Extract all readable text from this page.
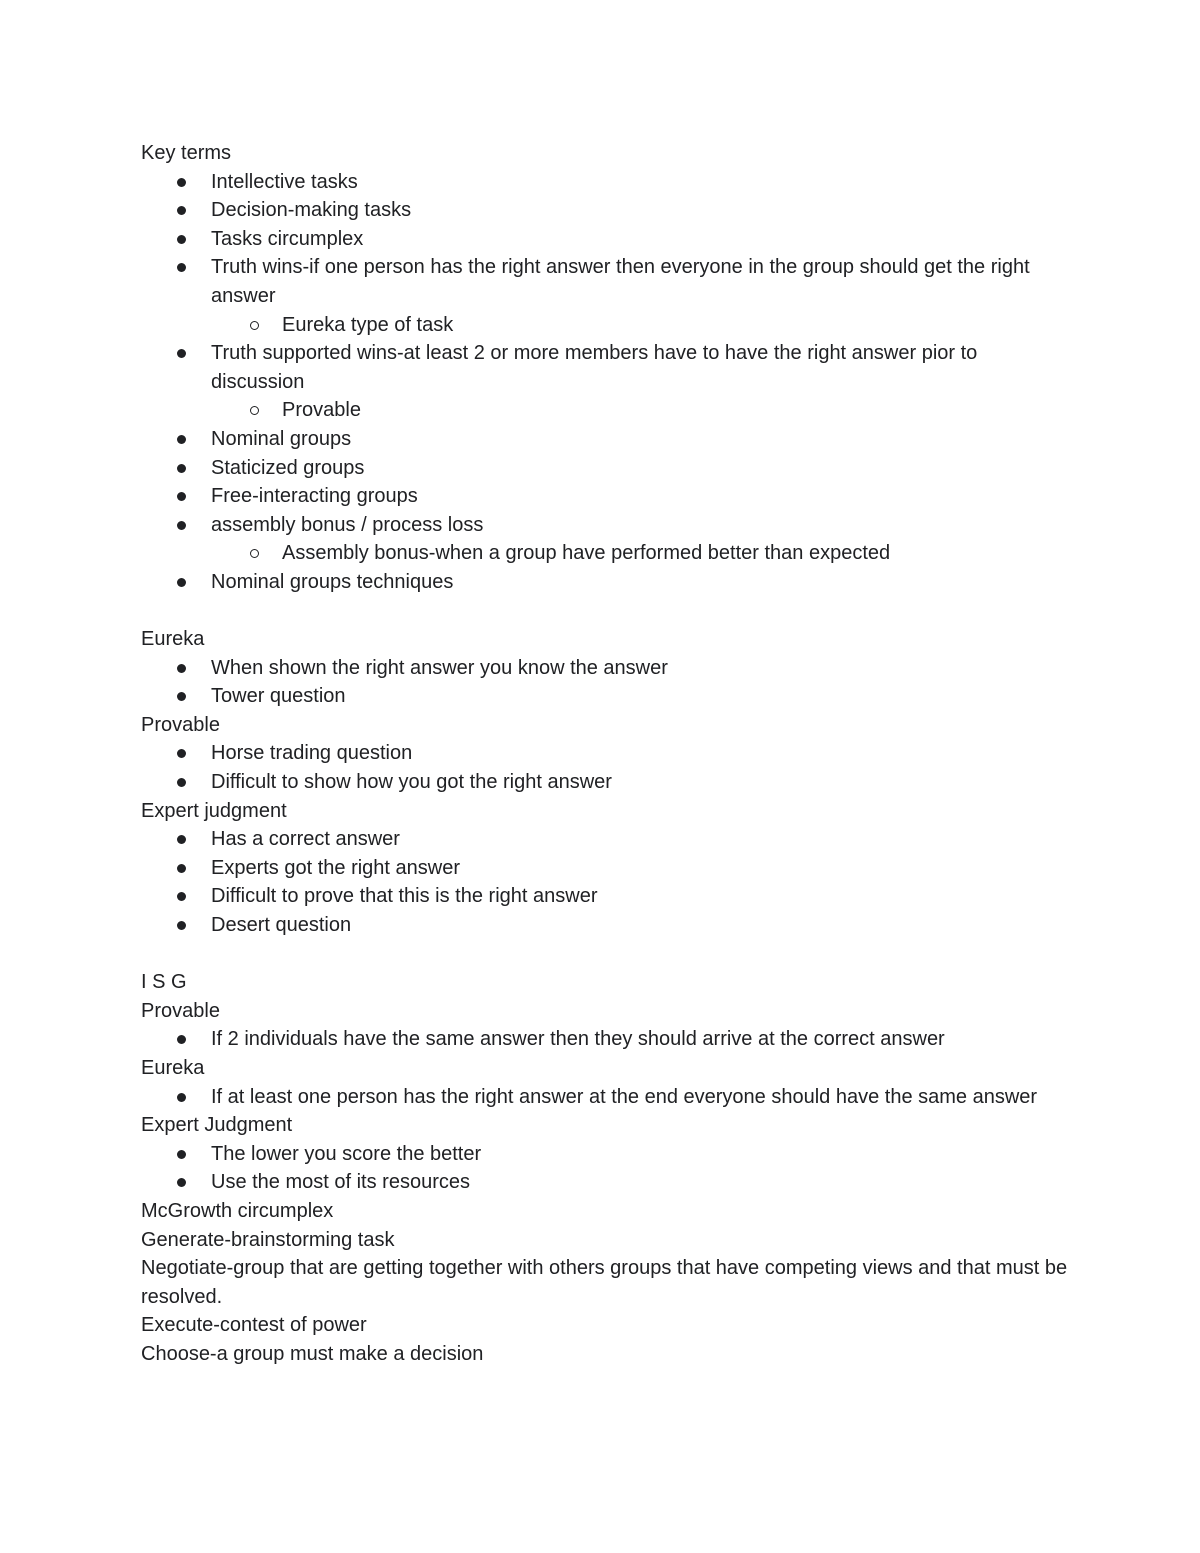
Key terms

Intellective tasks
Decision-making tasks
Tasks circumplex
Truth wins-if one person has the right answer then everyone in the group should get the right answer
Eureka type of task
Truth supported wins-at least 2 or more members have to have the right answer pior to discussion
Provable
Nominal groups
Staticized groups
Free-interacting groups
assembly bonus / process loss
Assembly bonus-when a group have performed better than expected
Nominal groups techniques

Eureka

When shown the right answer you know the answer
Tower question

Provable

Horse trading question
Difficult to show how you got the right answer

Expert judgment

Has a correct answer
Experts got the right answer
Difficult to prove that this is the right answer
Desert question

I S G

Provable

If 2 individuals have the same answer then they should arrive at the correct answer

Eureka

If at least one person has the right answer at the end everyone should have the same answer

Expert Judgment

The lower you score the better
Use the most of its resources

McGrowth circumplex

Generate-brainstorming task

Negotiate-group that are getting together with others groups that have competing views and that must be resolved.

Execute-contest of power

Choose-a group must make a decision
